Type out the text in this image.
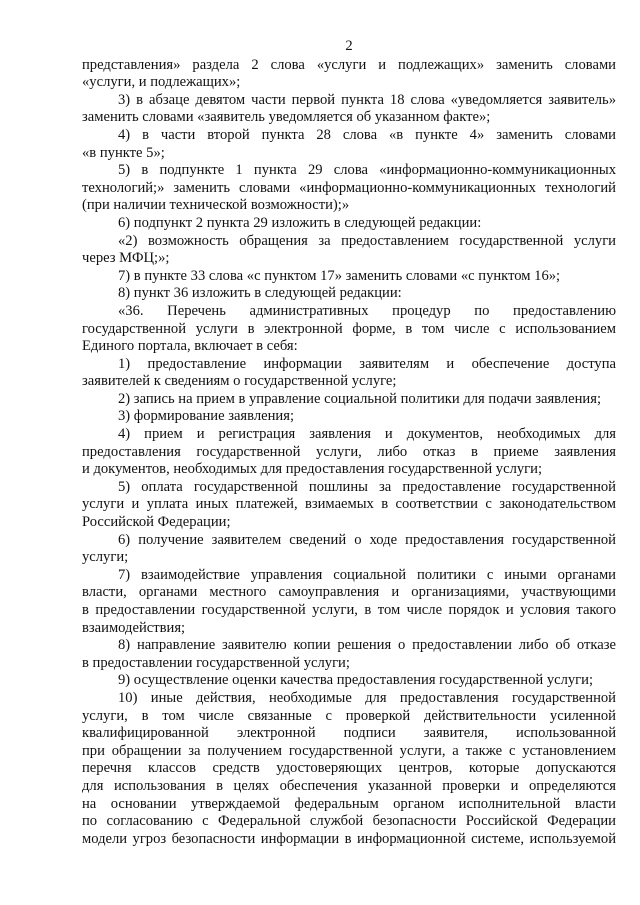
2
представления» раздела 2 слова «услуги и подлежащих» заменить словами
«услуги, и подлежащих»;
3) в абзаце девятом части первой пункта 18 слова «уведомляется заявитель»
заменить словами «заявитель уведомляется об указанном факте»;
4) в части второй пункта 28 слова «в пункте 4» заменить словами
«в пункте 5»;
5) в подпункте 1 пункта 29 слова «информационно-коммуникационных
технологий;» заменить словами «информационно-коммуникационных технологий
(при наличии технической возможности);»
6) подпункт 2 пункта 29 изложить в следующей редакции:
«2) возможность обращения за предоставлением государственной услуги
через МФЦ;»;
7) в пункте 33 слова «с пунктом 17» заменить словами «с пунктом 16»;
8) пункт 36 изложить в следующей редакции:
«36. Перечень административных процедур по предоставлению
государственной услуги в электронной форме, в том числе с использованием
Единого портала, включает в себя:
1) предоставление информации заявителям и обеспечение доступа
заявителей к сведениям о государственной услуге;
2) запись на прием в управление социальной политики для подачи заявления;
3) формирование заявления;
4) прием и регистрация заявления и документов, необходимых для
предоставления государственной услуги, либо отказ в приеме заявления
и документов, необходимых для предоставления государственной услуги;
5) оплата государственной пошлины за предоставление государственной
услуги и уплата иных платежей, взимаемых в соответствии с законодательством
Российской Федерации;
6) получение заявителем сведений о ходе предоставления государственной
услуги;
7) взаимодействие управления социальной политики с иными органами
власти, органами местного самоуправления и организациями, участвующими
в предоставлении государственной услуги, в том числе порядок и условия такого
взаимодействия;
8) направление заявителю копии решения о предоставлении либо об отказе
в предоставлении государственной услуги;
9) осуществление оценки качества предоставления государственной услуги;
10) иные действия, необходимые для предоставления государственной
услуги, в том числе связанные с проверкой действительности усиленной
квалифицированной электронной подписи заявителя, использованной
при обращении за получением государственной услуги, а также с установлением
перечня классов средств удостоверяющих центров, которые допускаются
для использования в целях обеспечения указанной проверки и определяются
на основании утверждаемой федеральным органом исполнительной власти
по согласованию с Федеральной службой безопасности Российской Федерации
модели угроз безопасности информации в информационной системе, используемой
